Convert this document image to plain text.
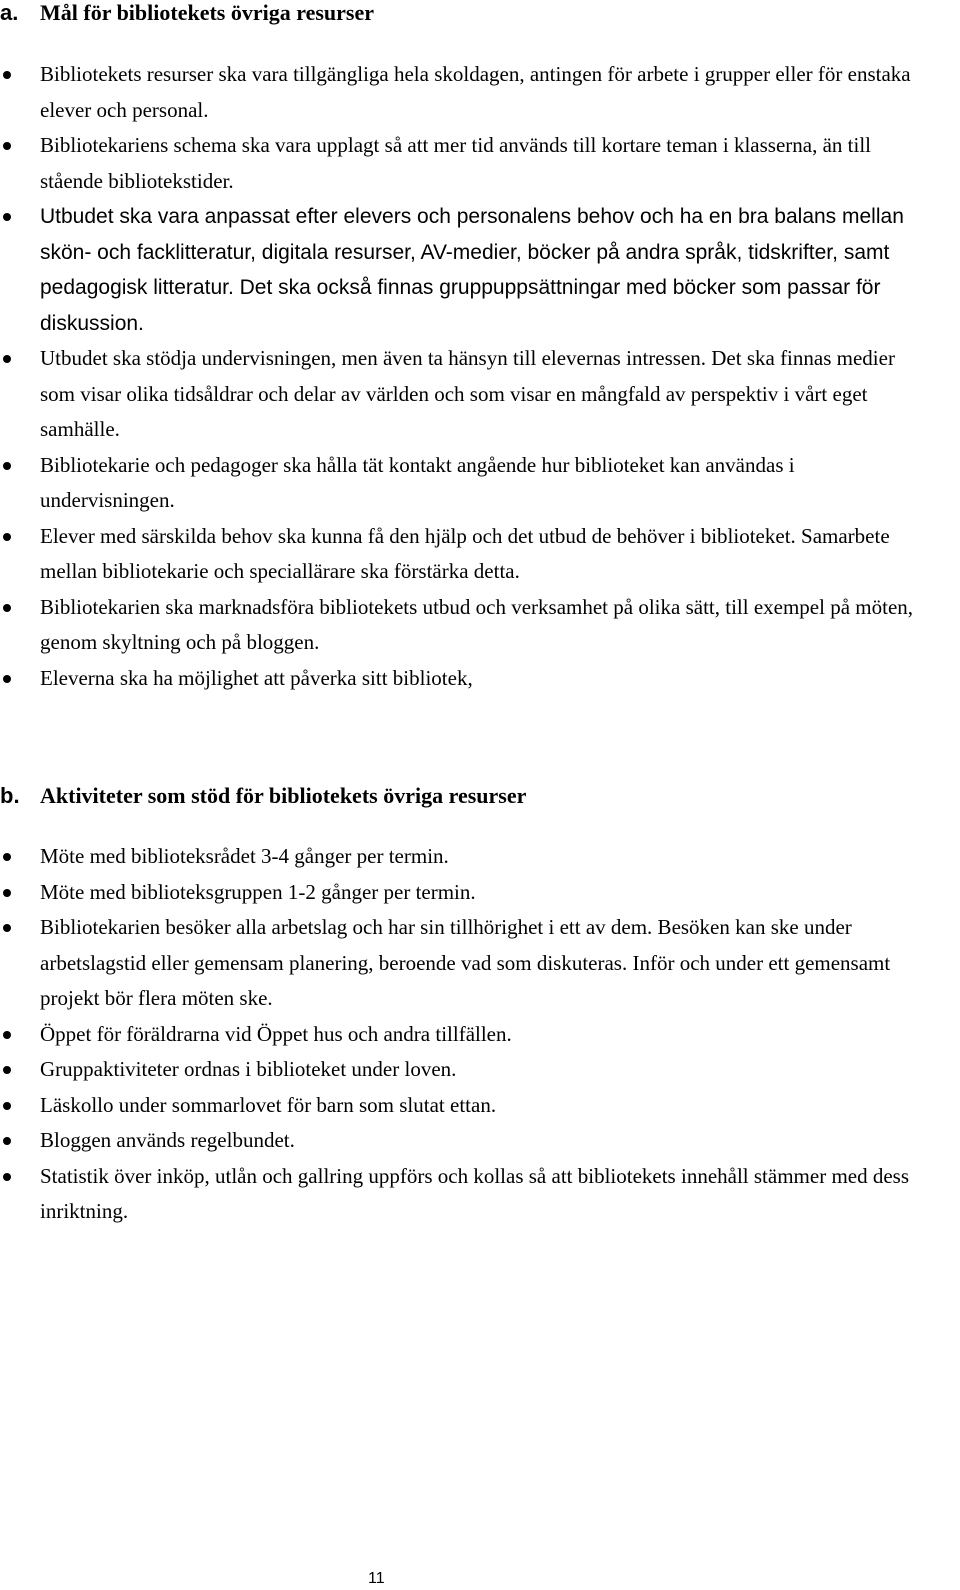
a. Mål för bibliotekets övriga resurser
Bibliotekets resurser ska vara tillgängliga hela skoldagen, antingen för arbete i grupper eller för enstaka elever och personal.
Bibliotekariens schema ska vara upplagt så att mer tid används till kortare teman i klasserna, än till stående bibliotekstider.
Utbudet ska vara anpassat efter elevers och personalens behov och ha en bra balans mellan skön- och facklitteratur, digitala resurser, AV-medier, böcker på andra språk, tidskrifter, samt pedagogisk litteratur. Det ska också finnas gruppuppsättningar med böcker som passar för diskussion.
Utbudet ska stödja undervisningen, men även ta hänsyn till elevernas intressen. Det ska finnas medier som visar olika tidsåldrar och delar av världen och som visar en mångfald av perspektiv i vårt eget samhälle.
Bibliotekarie och pedagoger ska hålla tät kontakt angående hur biblioteket kan användas i undervisningen.
Elever med särskilda behov ska kunna få den hjälp och det utbud de behöver i biblioteket. Samarbete mellan bibliotekarie och speciallärare ska förstärka detta.
Bibliotekarien ska marknadsföra bibliotekets utbud och verksamhet på olika sätt, till exempel på möten, genom skyltning och på bloggen.
Eleverna ska ha möjlighet att påverka sitt bibliotek,
b. Aktiviteter som stöd för bibliotekets övriga resurser
Möte med biblioteksrådet 3-4 gånger per termin.
Möte med biblioteksgruppen 1-2 gånger per termin.
Bibliotekarien besöker alla arbetslag och har sin tillhörighet i ett av dem. Besöken kan ske under arbetslagstid eller gemensam planering, beroende vad som diskuteras. Inför och under ett gemensamt projekt bör flera möten ske.
Öppet för föräldrarna vid Öppet hus och andra tillfällen.
Gruppaktiviteter ordnas i biblioteket under loven.
Läskollo under sommarlovet för barn som slutat ettan.
Bloggen används regelbundet.
Statistik över inköp, utlån och gallring uppförs och kollas så att bibliotekets innehåll stämmer med dess inriktning.
11
